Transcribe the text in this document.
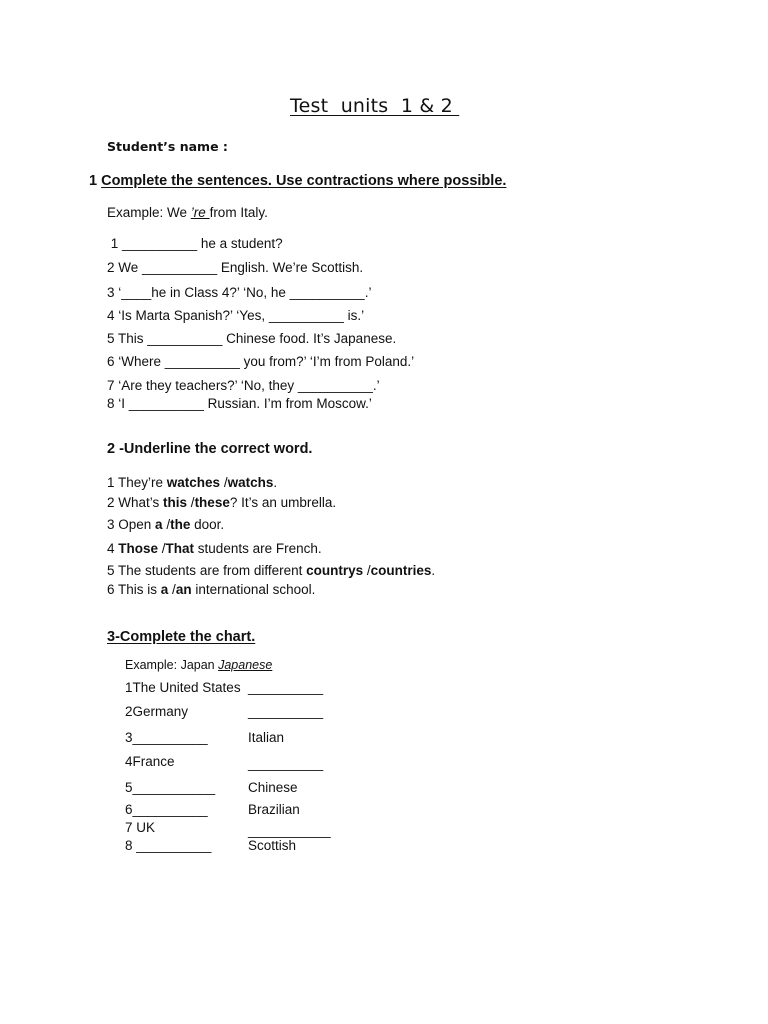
Test  units  1 & 2
Student’s name :
1 Complete the sentences. Use contractions where possible.
Example: We ’re from Italy.
1 __________ he a student?
2 We __________ English. We’re Scottish.
3 ‘____he in Class 4?’ ‘No, he __________.’
4 ‘Is Marta Spanish?’ ‘Yes, __________ is.’
5 This __________ Chinese food. It’s Japanese.
6 ‘Where __________ you from?’ ‘I’m from Poland.’
7 ‘Are they teachers?’ ‘No, they __________.’
8 ‘I __________ Russian. I’m from Moscow.’
2 -Underline the correct word.
1 They’re watches /watchs.
2 What’s this /these? It’s an umbrella.
3 Open a /the door.
4 Those /That students are French.
5 The students are from different countrys /countries.
6 This is a /an international school.
3-Complete the chart.
Example: Japan Japanese
1The United States __________
2Germany	__________
3__________	Italian
4France	__________
5___________ Chinese
6__________	Brazilian
7 UK	___________
8 __________	Scottish
